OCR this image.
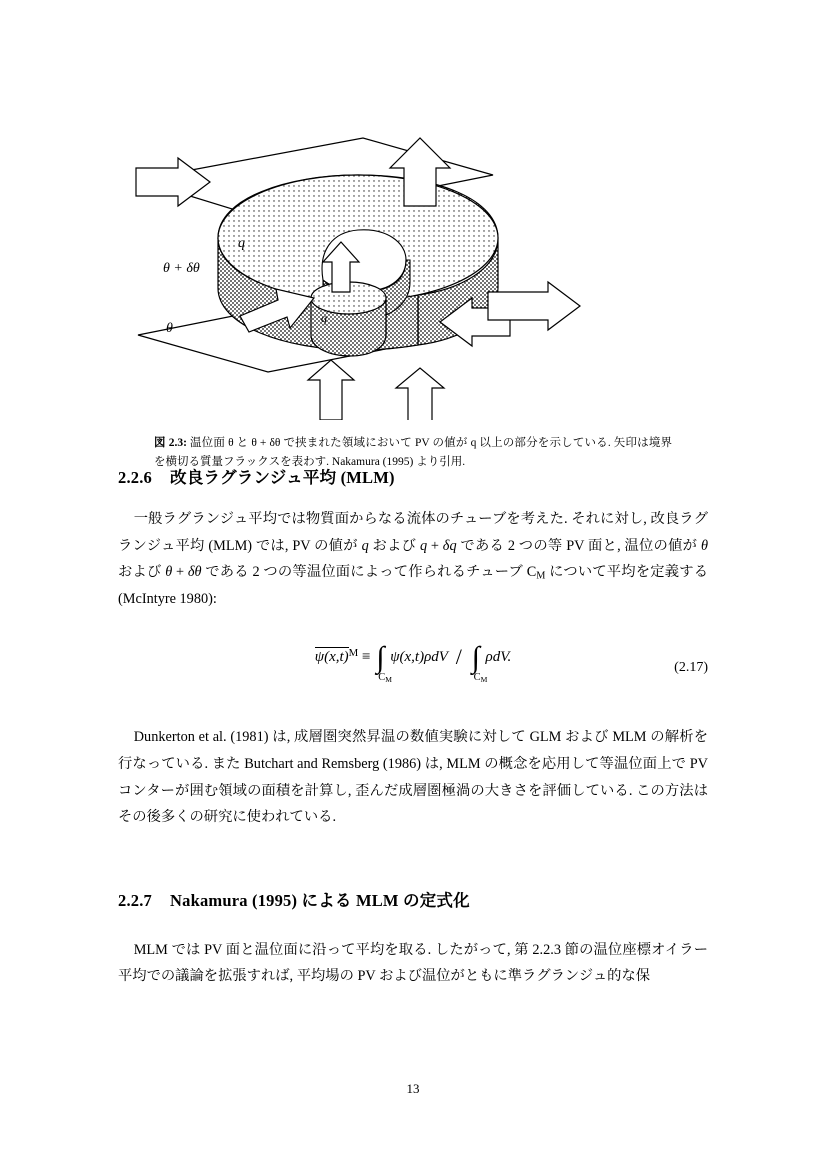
θ + δθ
θ
q
q
図 2.3: 温位面 θ と θ + δθ で挟まれた領域において PV の値が q 以上の部分を示している. 矢印は境界を横切る質量フラックスを表わす. Nakamura (1995) より引用.
2.2.6 改良ラグランジュ平均 (MLM)

一般ラグランジュ平均では物質面からなる流体のチューブを考えた. それに対し, 改良ラグランジュ平均 (MLM) では, PV の値が q および q + δq である 2 つの等 PV 面と, 温位の値が θ および θ + δθ である 2 つの等温位面によって作られるチューブ $C_M$ について平均を定義する (McIntyre 1980):

$\psi(x,t)^M$ ≡ ∫
$C_M$
ψ(x,t)ρdV / ∫
$C_M$
ρdV.
(2.17)

Dunkerton et al. (1981) は, 成層圏突然昇温の数値実験に対して GLM および MLM の解析を行なっている. また Butchart and Remsberg (1986) は, MLM の概念を応用して等温位面上で PV コンターが囲む領域の面積を計算し, 歪んだ成層圏極渦の大きさを評価している. この方法はその後多くの研究に使われている.

2.2.7 Nakamura (1995) による MLM の定式化

MLM では PV 面と温位面に沿って平均を取る. したがって, 第 2.2.3 節の温位座標オイラー平均での議論を拡張すれば, 平均場の PV および温位がともに準ラグランジュ的な保

13
